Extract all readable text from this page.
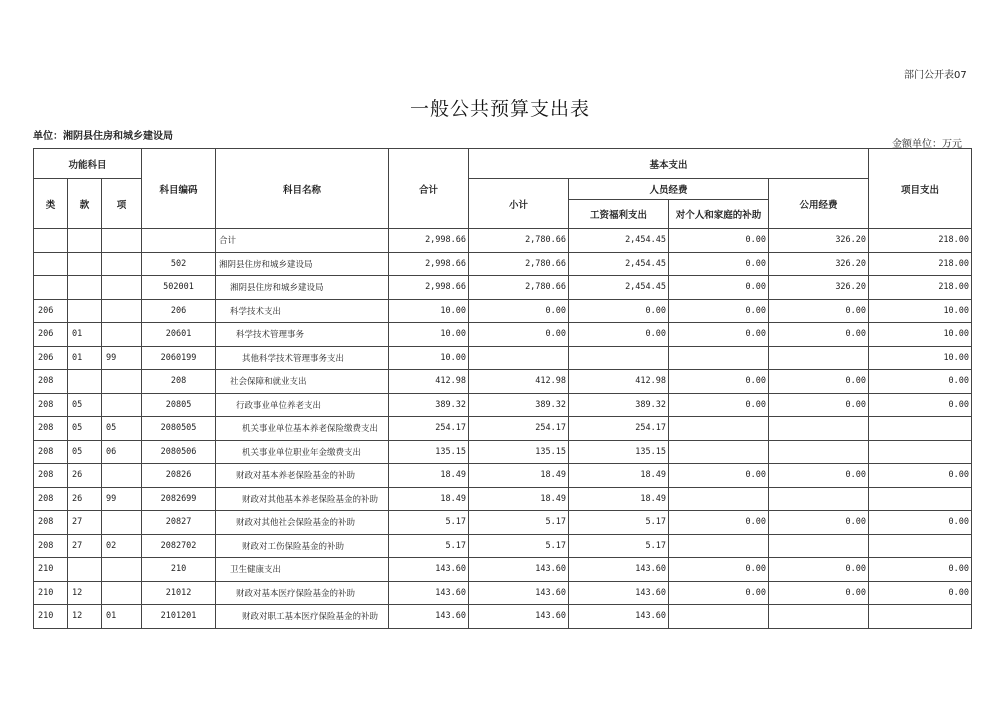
部门公开表07
一般公共预算支出表
单位：湘阴县住房和城乡建设局
金额单位：万元
功能科目			科目编码	科目名称	合计	基本支出				项目支出
类	款	项				小计	人员经费		公用经费	
							工资福利支出	对个人和家庭的补助		
				合计	2,998.66	2,780.66	2,454.45	0.00	326.20	218.00
			502	湘阴县住房和城乡建设局	2,998.66	2,780.66	2,454.45	0.00	326.20	218.00
			502001	湘阴县住房和城乡建设局	2,998.66	2,780.66	2,454.45	0.00	326.20	218.00
206			206	科学技术支出	10.00	0.00	0.00	0.00	0.00	10.00
206	01		20601	科学技术管理事务	10.00	0.00	0.00	0.00	0.00	10.00
206	01	99	2060199	其他科学技术管理事务支出	10.00					10.00
208			208	社会保障和就业支出	412.98	412.98	412.98	0.00	0.00	0.00
208	05		20805	行政事业单位养老支出	389.32	389.32	389.32	0.00	0.00	0.00
208	05	05	2080505	机关事业单位基本养老保险缴费支出	254.17	254.17	254.17			
208	05	06	2080506	机关事业单位职业年金缴费支出	135.15	135.15	135.15			
208	26		20826	财政对基本养老保险基金的补助	18.49	18.49	18.49	0.00	0.00	0.00
208	26	99	2082699	财政对其他基本养老保险基金的补助	18.49	18.49	18.49			
208	27		20827	财政对其他社会保险基金的补助	5.17	5.17	5.17	0.00	0.00	0.00
208	27	02	2082702	财政对工伤保险基金的补助	5.17	5.17	5.17			
210			210	卫生健康支出	143.60	143.60	143.60	0.00	0.00	0.00
210	12		21012	财政对基本医疗保险基金的补助	143.60	143.60	143.60	0.00	0.00	0.00
210	12	01	2101201	财政对职工基本医疗保险基金的补助	143.60	143.60	143.60			
